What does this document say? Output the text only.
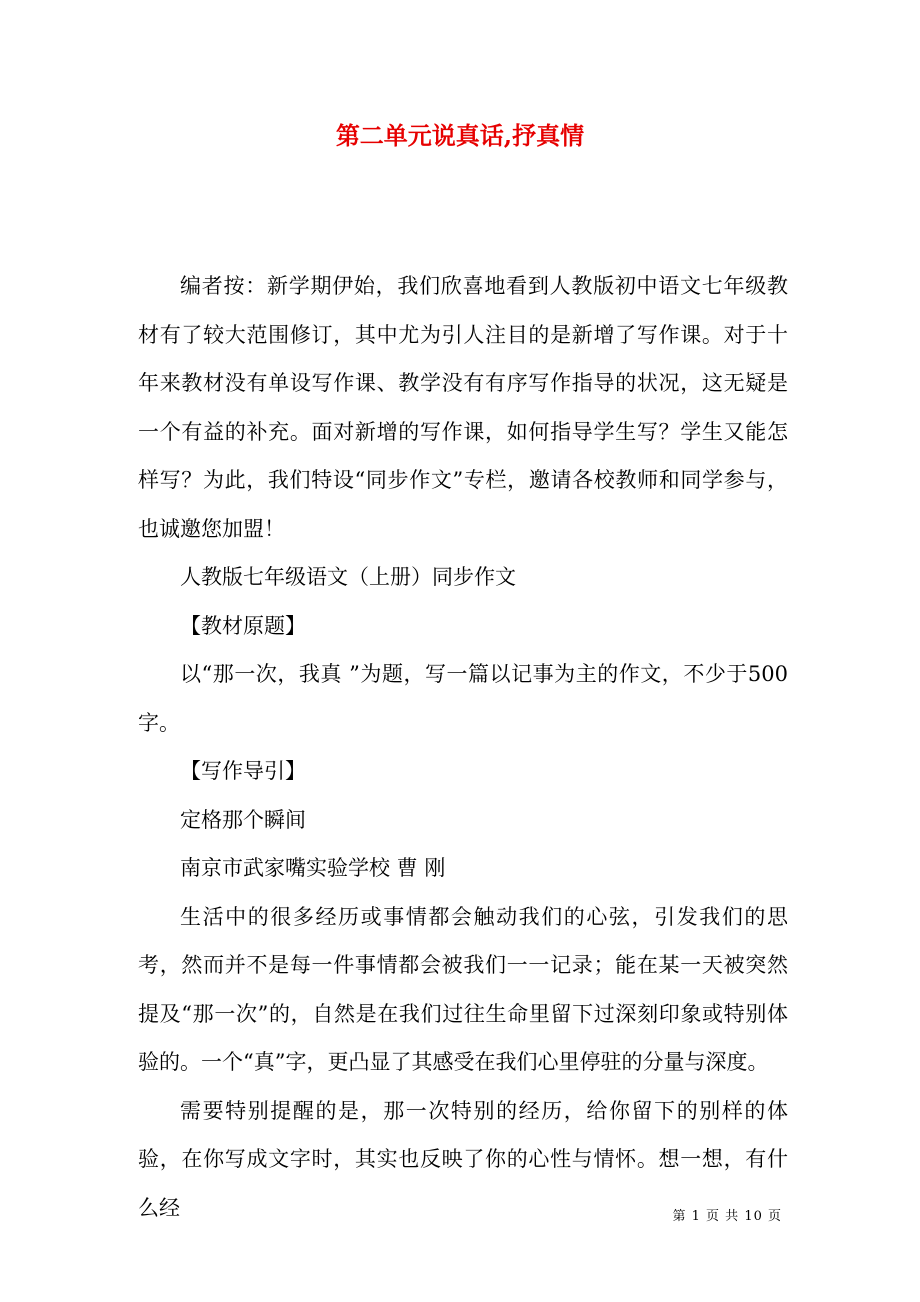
第二单元说真话,抒真情

编者按：新学期伊始，我们欣喜地看到人教版初中语文七年级教材有了较大范围修订，其中尤为引人注目的是新增了写作课。对于十年来教材没有单设写作课、教学没有有序写作指导的状况，这无疑是一个有益的补充。面对新增的写作课，如何指导学生写？学生又能怎样写？为此，我们特设“同步作文”专栏，邀请各校教师和同学参与，也诚邀您加盟！

人教版七年级语文（上册）同步作文

【教材原题】

以“那一次，我真 ”为题，写一篇以记事为主的作文，不少于500字。

【写作导引】

定格那个瞬间

南京市武家嘴实验学校 曹 刚

生活中的很多经历或事情都会触动我们的心弦，引发我们的思考，然而并不是每一件事情都会被我们一一记录；能在某一天被突然提及“那一次”的，自然是在我们过往生命里留下过深刻印象或特别体验的。一个“真”字，更凸显了其感受在我们心里停驻的分量与深度。

需要特别提醒的是，那一次特别的经历，给你留下的别样的体验，在你写成文字时，其实也反映了你的心性与情怀。想一想，有什么经	第 1 页 共 10 页
